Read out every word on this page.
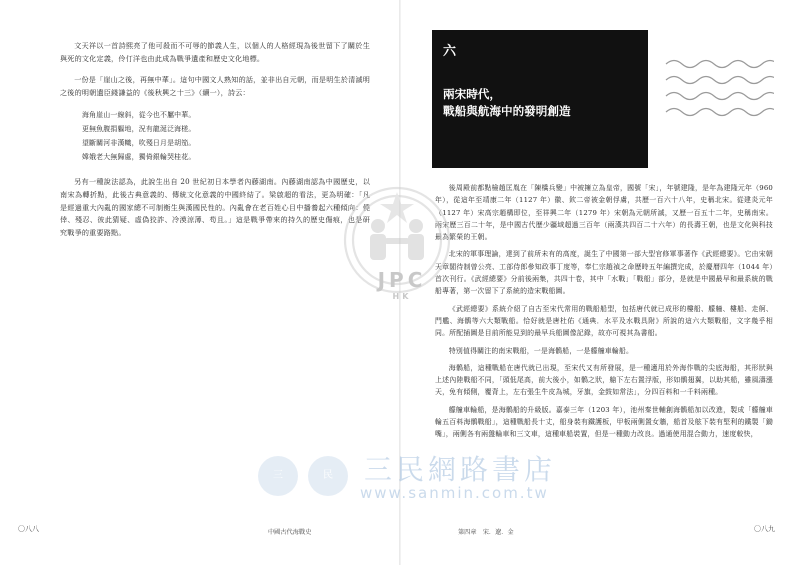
文天祥以一首詩熙亮了他可殺而不可辱的節義人生，以個人的人格經現為後世留下了關於生與死的文化定義，伶仃洋也由此成為戰爭遺產和歷史文化地標。

一份是「崖山之後，再無中華」。這句中國文人熟知的話，並非出自元朝，而是明生於清滅明之後的明朝遺臣錢謙益的《後秋興之十三》（續一），詩云：

海角崖山一線斜，從今也不屬中華。
更無魚腹捐軀地，況有龍涎泛海槎。
望斷關河非漢幟，吹殘日月是胡笳。
嫦娥老大無歸處，獨倚銀輪哭桂花。

另有一種說法認為，此說生出自 20 世紀初日本學者內藤湖南。內藤湖南認為中國歷史，以南宋為轉折點，此後古典意義的、傳統文化意義的中國終結了。梁啟超的看法，更為明確：「凡是經過重大內亂的國家總不可制衡生與漢國民性的。內亂會在老百姓心目中播養起六種傾向：僥倖、殘忍、彼此猜疑、虛偽狡詐、冷漠涼薄、苟且。」這是戰爭帶來的持久的歷史傷痕，也是研究戰爭的重要路點。

六
兩宋時代，
戰船與航海中的發明創造

後周殿前都點檢趙匡胤在「陳橋兵變」中被擁立為皇帝，國號「宋」，年號建隆，是年為建隆元年（960 年），從這年至靖康二年（1127 年）徽、欽二帝被金朝俘虜，共歷一百六十八年，史稱北宋。從建炎元年（1127 年）宋高宗趙構即位，至祥興二年（1279 年）宋朝為元朝所滅，又歷一百五十二年，史稱南宋。兩宋歷三百二十年，是中國古代歷少疆域超過三百年（兩漢共四百二十六年）的長壽王朝，也是文化與科技最為繁榮的王朝。

北宋的軍事理論，達到了前所未有的高度，誕生了中國第一部大型官修軍事著作《武經總要》。它由宋朝天章閣待制曾公亮、工部侍郎參知政事丁度等，奉仁宗趙禎之命歷時五年編撰完成，於慶曆四年（1044 年）首次刊行。《武經總要》分前後兩集，共四十卷，其中「水戰」「戰船」部分，是就是中國最早和最系統的戰船專著，第一次留下了系統的造宋戰船圖。

《武經總要》系統介紹了自古至宋代常用的戰船船型，包括唐代就已成形的樓船、艨艟、樓船、走舸、門艦、海鶻等六大類戰船。恰好就是唐杜佑《通典．水平及水戰具附》所說的這六大類戰船，文字幾乎相同。所配插圖是目前所能見到的最早兵船圖像記錄，故亦可視其為書船。

特別值得關注的南宋戰船，一是海鶻船，一是艨艟車輪船。

海鶻船，這種戰船在唐代就已出現，至宋代又有所發展，是一種適用於外海作戰的尖底海船，其形狀與上述內陸戰船不同，「頭低尾高，前大後小，如鶻之狀，艙下左右置浮版，形如鶻翅翼，以助其船，雖風濤漲天，免有傾側，覆背上，左右張生牛皮為城，牙旗，金鼓如常法」，分四百料和一千料兩種。

艨艟車輪船，是海鶻船的升級版。嘉泰三年（1203 年），池州秦世輔創海鶻船加以改進，製成「艨艟車輪五百料海鶻戰船」，這種戰船長十丈，船身裝有鐵護板，甲板兩側置女牆，船首及舷下裝有堅利的鐵製「鋤嘴」，兩側各有兩盤輪車和三文車，這種車船裝置，但是一種動力改良。過通使用混合動力，速度較快，

JPC
HK
三	民	三民網路書店
www.sanmin.com.tw
〇八八	中國古代海戰史	第四章　宋．遼．金	〇八九
